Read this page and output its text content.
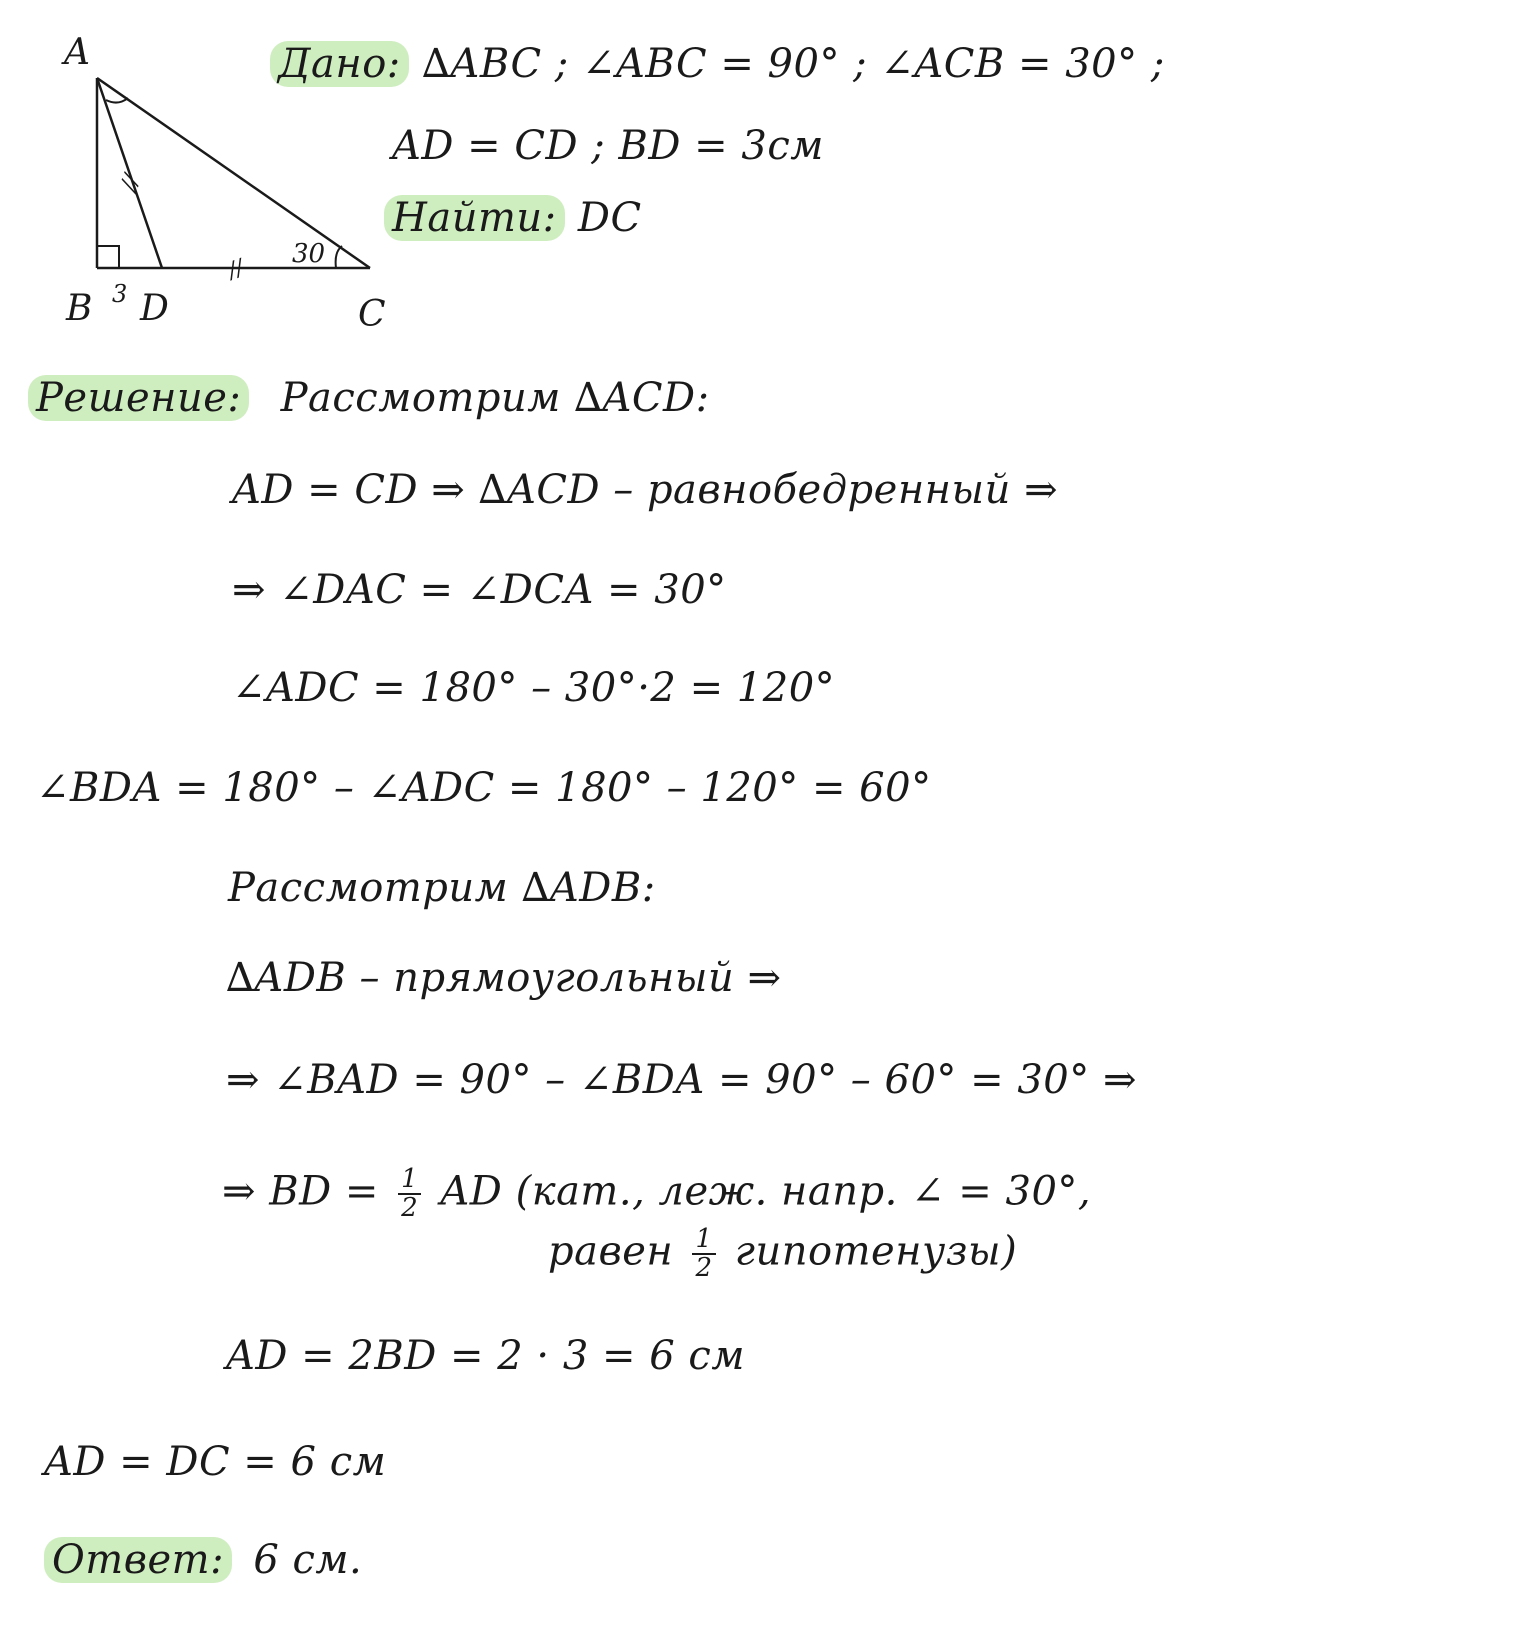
//
//
A
B 3 D	C
30
Дано: ∆ABC ; ∠ABC = 90° ; ∠ACB = 30° ;
AD = CD ; BD = 3см
Найти: DC
Решение: Рассмотрим ∆ACD:
AD = CD ⇒ ∆ACD – равнобедренный ⇒
⇒ ∠DAC = ∠DCA = 30°
∠ADC = 180° – 30°·2 = 120°
∠BDA = 180° – ∠ADC = 180° – 120° = 60°
Рассмотрим ∆ADB:
∆ADB – прямоугольный ⇒
⇒ ∠BAD = 90° – ∠BDA = 90° – 60° = 30° ⇒
⇒ BD = $\frac{1}{2}$ AD (кат., леж. напр. ∠ = 30°,
равен $\frac{1}{2}$ гипотенузы)
AD = 2BD = 2 · 3 = 6 см
AD = DC = 6 см
Ответ: 6 см.
